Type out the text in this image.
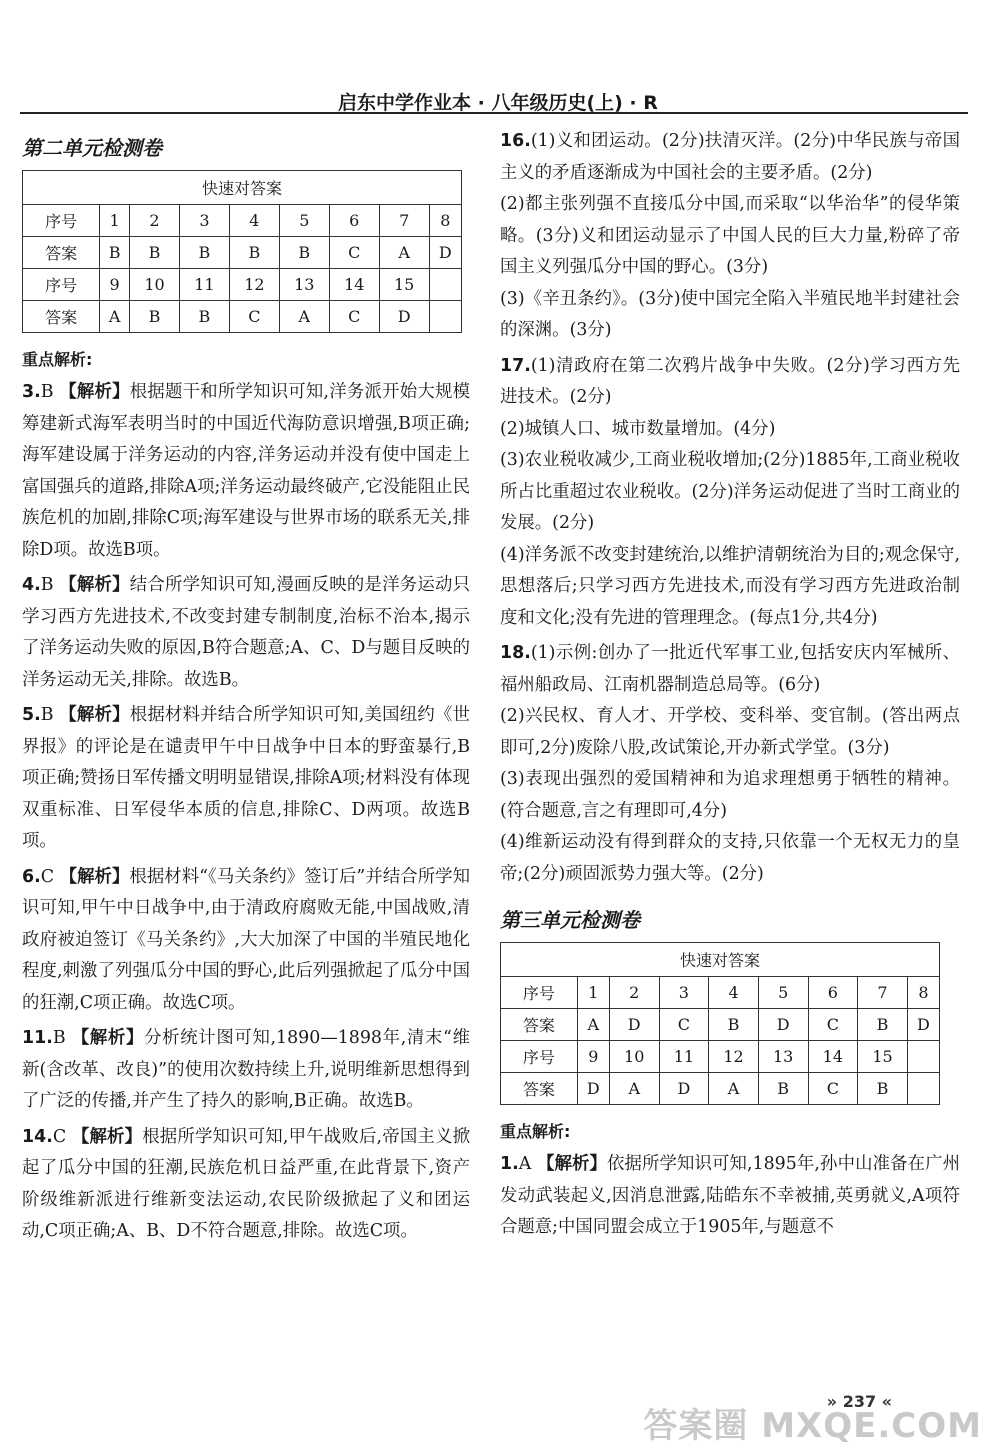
启东中学作业本 · 八年级历史(上) · R
第二单元检测卷
快速对答案								
序号	1	2	3	4	5	6	7	8
答案	B	B	B	B	B	C	A	D
序号	9	10	11	12	13	14	15	
答案	A	B	B	C	A	C	D	
重点解析:
3.B 【解析】根据题干和所学知识可知,洋务派开始大规模筹建新式海军表明当时的中国近代海防意识增强,B项正确;海军建设属于洋务运动的内容,洋务运动并没有使中国走上富国强兵的道路,排除A项;洋务运动最终破产,它没能阻止民族危机的加剧,排除C项;海军建设与世界市场的联系无关,排除D项。故选B项。
4.B 【解析】结合所学知识可知,漫画反映的是洋务运动只学习西方先进技术,不改变封建专制制度,治标不治本,揭示了洋务运动失败的原因,B符合题意;A、C、D与题目反映的洋务运动无关,排除。故选B。
5.B 【解析】根据材料并结合所学知识可知,美国纽约《世界报》的评论是在谴责甲午中日战争中日本的野蛮暴行,B项正确;赞扬日军传播文明明显错误,排除A项;材料没有体现双重标准、日军侵华本质的信息,排除C、D两项。故选B项。
6.C 【解析】根据材料“《马关条约》签订后”并结合所学知识可知,甲午中日战争中,由于清政府腐败无能,中国战败,清政府被迫签订《马关条约》,大大加深了中国的半殖民地化程度,刺激了列强瓜分中国的野心,此后列强掀起了瓜分中国的狂潮,C项正确。故选C项。
11.B 【解析】分析统计图可知,1890—1898年,清末“维新(含改革、改良)”的使用次数持续上升,说明维新思想得到了广泛的传播,并产生了持久的影响,B正确。故选B。
14.C 【解析】根据所学知识可知,甲午战败后,帝国主义掀起了瓜分中国的狂潮,民族危机日益严重,在此背景下,资产阶级维新派进行维新变法运动,农民阶级掀起了义和团运动,C项正确;A、B、D不符合题意,排除。故选C项。
16.(1)义和团运动。(2分)扶清灭洋。(2分)中华民族与帝国主义的矛盾逐渐成为中国社会的主要矛盾。(2分)
(2)都主张列强不直接瓜分中国,而采取“以华治华”的侵华策略。(3分)义和团运动显示了中国人民的巨大力量,粉碎了帝国主义列强瓜分中国的野心。(3分)
(3)《辛丑条约》。(3分)使中国完全陷入半殖民地半封建社会的深渊。(3分)
17.(1)清政府在第二次鸦片战争中失败。(2分)学习西方先进技术。(2分)
(2)城镇人口、城市数量增加。(4分)
(3)农业税收减少,工商业税收增加;(2分)1885年,工商业税收所占比重超过农业税收。(2分)洋务运动促进了当时工商业的发展。(2分)
(4)洋务派不改变封建统治,以维护清朝统治为目的;观念保守,思想落后;只学习西方先进技术,而没有学习西方先进政治制度和文化;没有先进的管理理念。(每点1分,共4分)
18.(1)示例:创办了一批近代军事工业,包括安庆内军械所、福州船政局、江南机器制造总局等。(6分)
(2)兴民权、育人才、开学校、变科举、变官制。(答出两点即可,2分)废除八股,改试策论,开办新式学堂。(3分)
(3)表现出强烈的爱国精神和为追求理想勇于牺牲的精神。(符合题意,言之有理即可,4分)
(4)维新运动没有得到群众的支持,只依靠一个无权无力的皇帝;(2分)顽固派势力强大等。(2分)
第三单元检测卷
快速对答案								
序号	1	2	3	4	5	6	7	8
答案	A	D	C	B	D	C	B	D
序号	9	10	11	12	13	14	15	
答案	D	A	D	A	B	C	B	
重点解析:
1.A 【解析】依据所学知识可知,1895年,孙中山准备在广州发动武装起义,因消息泄露,陆皓东不幸被捕,英勇就义,A项符合题意;中国同盟会成立于1905年,与题意不
» 237 «
答案圈 MXQE.COM
